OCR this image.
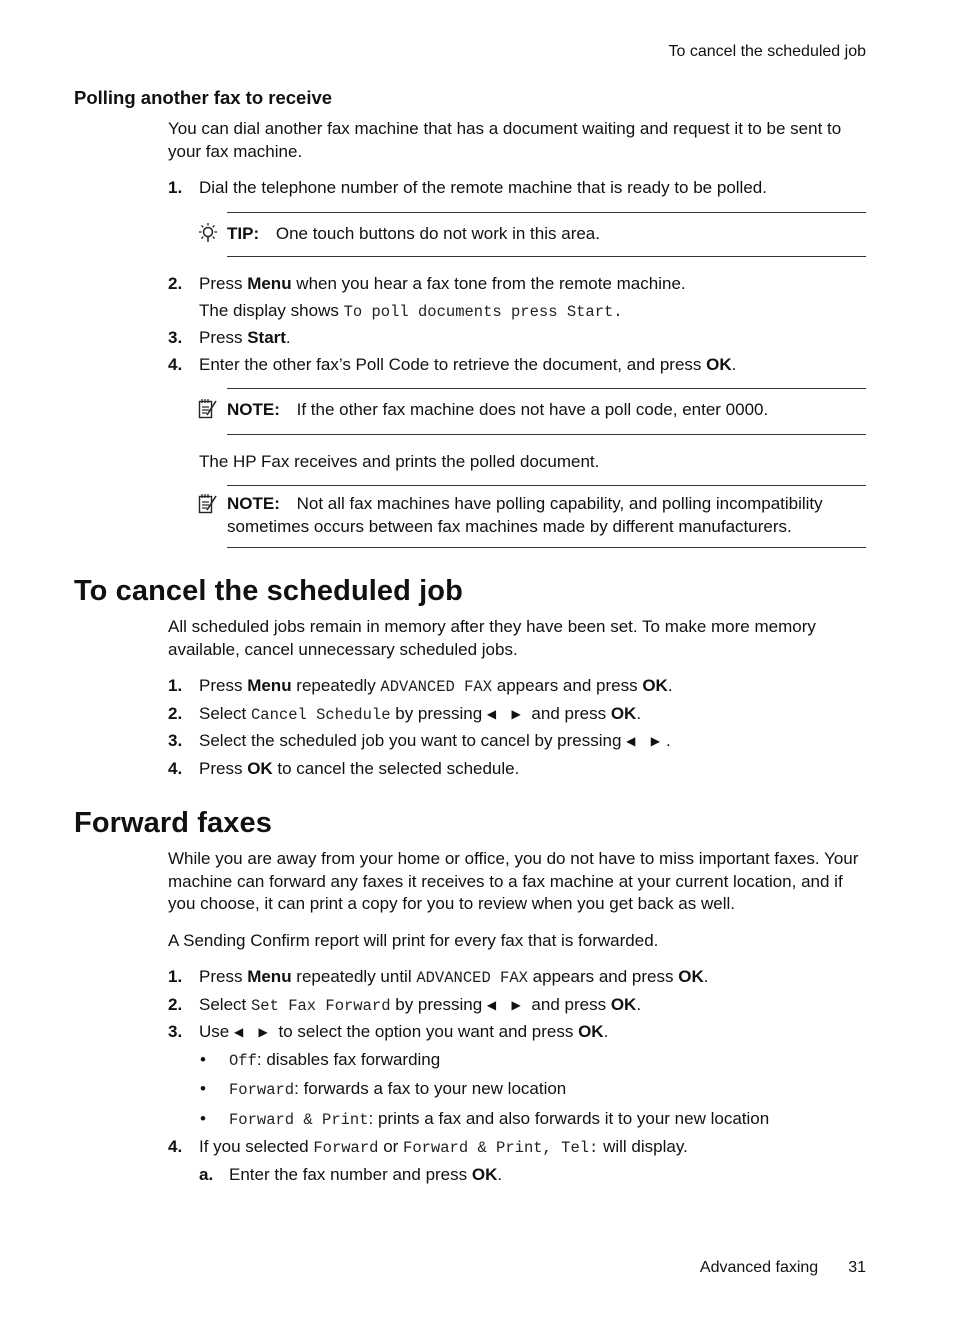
To cancel the scheduled job
Polling another fax to receive
You can dial another fax machine that has a document waiting and request it to be sent to your fax machine.
1. Dial the telephone number of the remote machine that is ready to be polled.
TIP: One touch buttons do not work in this area.
2. Press Menu when you hear a fax tone from the remote machine.
The display shows To poll documents press Start.
3. Press Start.
4. Enter the other fax’s Poll Code to retrieve the document, and press OK.
NOTE: If the other fax machine does not have a poll code, enter 0000.
The HP Fax receives and prints the polled document.
NOTE: Not all fax machines have polling capability, and polling incompatibility sometimes occurs between fax machines made by different manufacturers.
To cancel the scheduled job
All scheduled jobs remain in memory after they have been set. To make more memory available, cancel unnecessary scheduled jobs.
1. Press Menu repeatedly ADVANCED FAX appears and press OK.
2. Select Cancel Schedule by pressing ◀ ▶ and press OK.
3. Select the scheduled job you want to cancel by pressing ◀ ▶.
4. Press OK to cancel the selected schedule.
Forward faxes
While you are away from your home or office, you do not have to miss important faxes. Your machine can forward any faxes it receives to a fax machine at your current location, and if you choose, it can print a copy for you to review when you get back as well.
A Sending Confirm report will print for every fax that is forwarded.
1. Press Menu repeatedly until ADVANCED FAX appears and press OK.
2. Select Set Fax Forward by pressing ◀ ▶ and press OK.
3. Use ◀ ▶ to select the option you want and press OK.
• Off: disables fax forwarding
• Forward: forwards a fax to your new location
• Forward & Print: prints a fax and also forwards it to your new location
4. If you selected Forward or Forward & Print, Tel: will display.
a. Enter the fax number and press OK.
Advanced faxing 31
